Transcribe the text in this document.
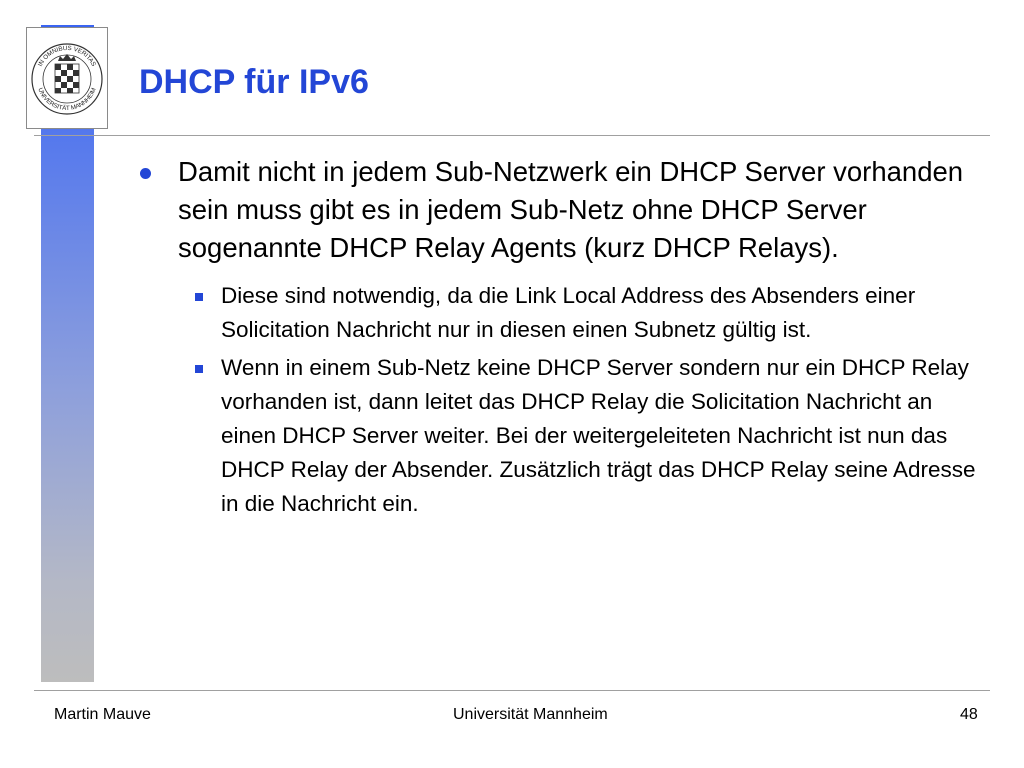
IN OMNIBUS VERITAS
UNIVERSITÄT MANNHEIM DHCP für IPv6
Damit nicht in jedem Sub-Netzwerk ein DHCP Server vorhanden sein muss gibt es in jedem Sub-Netz ohne DHCP Server sogenannte DHCP Relay Agents (kurz DHCP Relays).
Diese sind notwendig, da die Link Local Address des Absenders einer Solicitation Nachricht nur in diesen einen Subnetz gültig ist.
Wenn in einem Sub-Netz keine DHCP Server sondern nur ein DHCP Relay vorhanden ist, dann leitet das DHCP Relay die Solicitation Nachricht an einen DHCP Server weiter. Bei der weitergeleiteten Nachricht ist nun das DHCP Relay der Absender. Zusätzlich trägt das DHCP Relay seine Adresse in die Nachricht ein.
Martin Mauve	Universität Mannheim	48
